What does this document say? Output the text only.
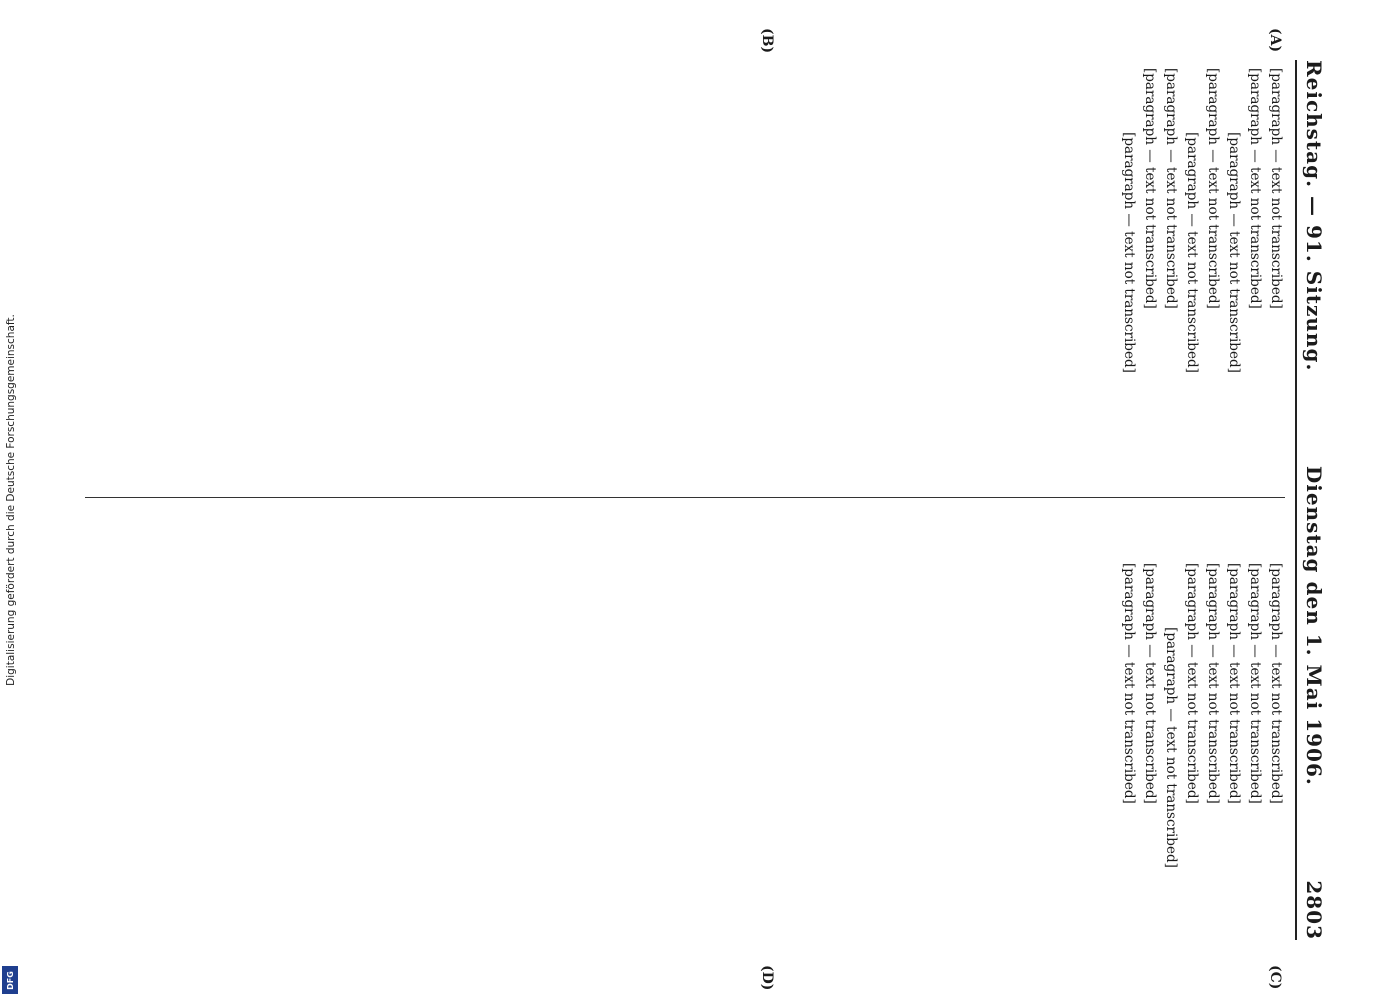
Digitalisierung gefördert durch die Deutsche Forschungsgemeinschaft.
DFG
Reichstag. — 91. Sitzung.
Dienstag den 1. Mai 1906.
2803
(A)
(B)
(C)
(D)

[paragraph — text not transcribed]

[paragraph — text not transcribed]

[paragraph — text not transcribed]

[paragraph — text not transcribed]

[paragraph — text not transcribed]

[paragraph — text not transcribed]

[paragraph — text not transcribed]

[paragraph — text not transcribed]

[paragraph — text not transcribed]

[paragraph — text not transcribed]

[paragraph — text not transcribed]

[paragraph — text not transcribed]

[paragraph — text not transcribed]

[paragraph — text not transcribed]

[paragraph — text not transcribed]

[paragraph — text not transcribed]
